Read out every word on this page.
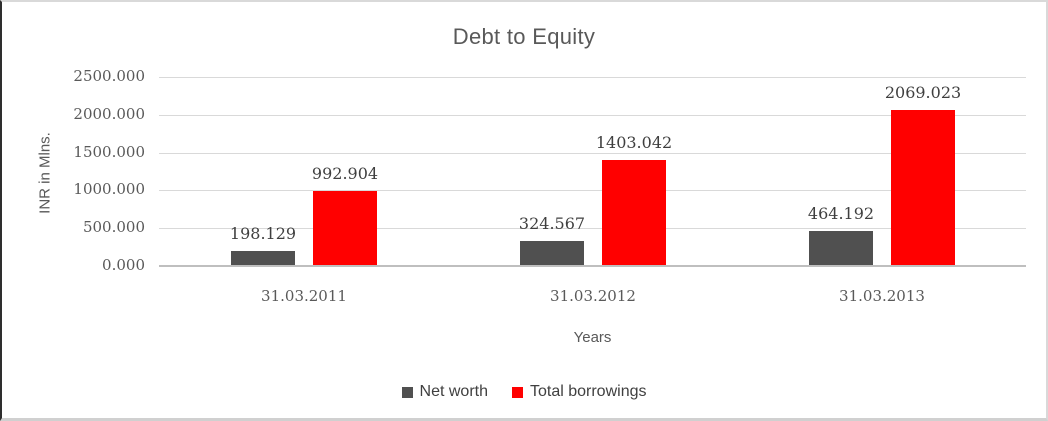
Debt to Equity
INR in Mlns.
0.000
500.000
1000.000
1500.000
2000.000
2500.000
198.129
992.904
31.03.2011
324.567
1403.042
31.03.2012
464.192
2069.023
31.03.2013
Years
Net worth	Total borrowings
